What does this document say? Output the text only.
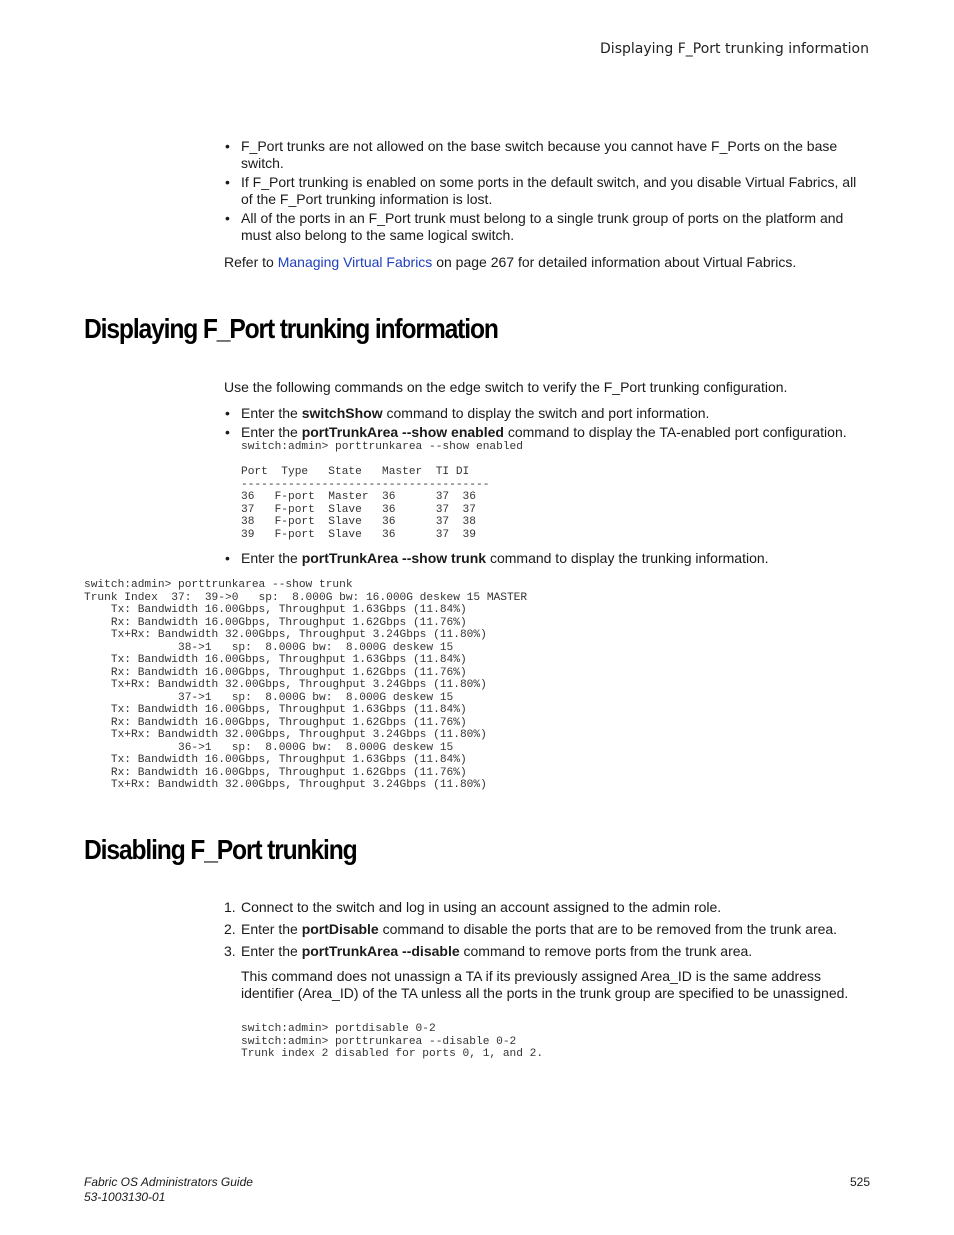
Displaying F_Port trunking information
• F_Port trunks are not allowed on the base switch because you cannot have F_Ports on the base switch.
• If F_Port trunking is enabled on some ports in the default switch, and you disable Virtual Fabrics, all of the F_Port trunking information is lost.
• All of the ports in an F_Port trunk must belong to a single trunk group of ports on the platform and must also belong to the same logical switch.

Refer to Managing Virtual Fabrics on page 267 for detailed information about Virtual Fabrics.

Displaying F_Port trunking information

Use the following commands on the edge switch to verify the F_Port trunking configuration.

• Enter the switchShow command to display the switch and port information.
• Enter the portTrunkArea --show enabled command to display the TA-enabled port configuration.
switch:admin> porttrunkarea --show enabled

Port  Type   State   Master  TI DI
-------------------------------------
36   F-port  Master  36      37  36
37   F-port  Slave   36      37  37
38   F-port  Slave   36      37  38
39   F-port  Slave   36      37  39
• Enter the portTrunkArea --show trunk command to display the trunking information.
switch:admin> porttrunkarea --show trunk
Trunk Index  37:  39->0   sp:  8.000G bw: 16.000G deskew 15 MASTER
Tx: Bandwidth 16.00Gbps, Throughput 1.63Gbps (11.84%)
Rx: Bandwidth 16.00Gbps, Throughput 1.62Gbps (11.76%)
Tx+Rx: Bandwidth 32.00Gbps, Throughput 3.24Gbps (11.80%)
38->1   sp:  8.000G bw:  8.000G deskew 15
Tx: Bandwidth 16.00Gbps, Throughput 1.63Gbps (11.84%)
Rx: Bandwidth 16.00Gbps, Throughput 1.62Gbps (11.76%)
Tx+Rx: Bandwidth 32.00Gbps, Throughput 3.24Gbps (11.80%)
37->1   sp:  8.000G bw:  8.000G deskew 15
Tx: Bandwidth 16.00Gbps, Throughput 1.63Gbps (11.84%)
Rx: Bandwidth 16.00Gbps, Throughput 1.62Gbps (11.76%)
Tx+Rx: Bandwidth 32.00Gbps, Throughput 3.24Gbps (11.80%)
36->1   sp:  8.000G bw:  8.000G deskew 15
Tx: Bandwidth 16.00Gbps, Throughput 1.63Gbps (11.84%)
Rx: Bandwidth 16.00Gbps, Throughput 1.62Gbps (11.76%)
Tx+Rx: Bandwidth 32.00Gbps, Throughput 3.24Gbps (11.80%)
Disabling F_Port trunking
1. Connect to the switch and log in using an account assigned to the admin role.
2. Enter the portDisable command to disable the ports that are to be removed from the trunk area.
3. Enter the portTrunkArea --disable command to remove ports from the trunk area.

This command does not unassign a TA if its previously assigned Area_ID is the same address identifier (Area_ID) of the TA unless all the ports in the trunk group are specified to be unassigned.

switch:admin> portdisable 0-2
switch:admin> porttrunkarea --disable 0-2
Trunk index 2 disabled for ports 0, 1, and 2.
Fabric OS Administrators Guide
53-1003130-01
525
